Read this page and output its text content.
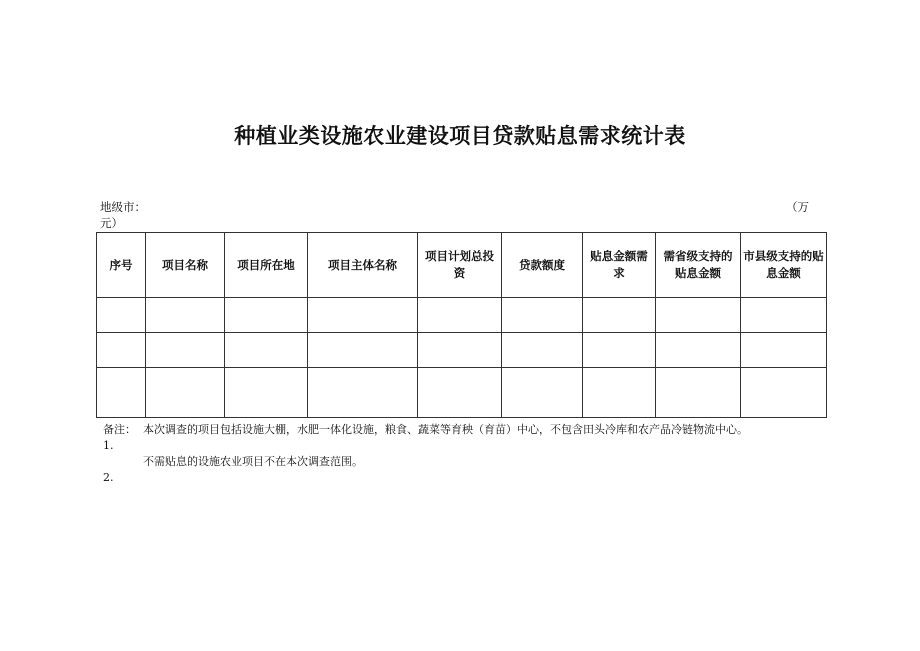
种植业类设施农业建设项目贷款贴息需求统计表
地级市：	（万
元）
序号	项目名称	项目所在地	项目主体名称	项目计划总投资	贷款额度	贴息金额需求	需省级支持的贴息金额	市县级支持的贴息金额

备注：1.
本次调查的项目包括设施大棚，水肥一体化设施，粮食、蔬菜等育秧（育苗）中心，不包含田头冷库和农产品冷链物流中心。
2.
不需贴息的设施农业项目不在本次调查范围。
